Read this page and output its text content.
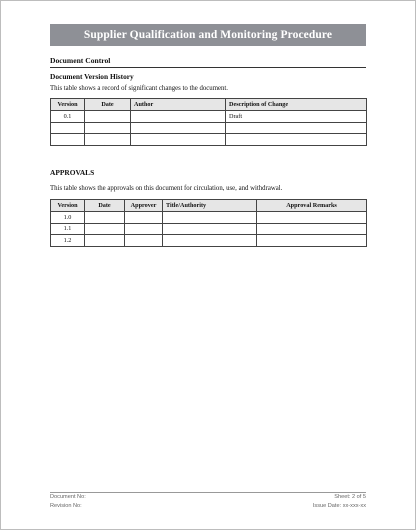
Supplier Qualification and Monitoring Procedure
Document Control
Document Version History
This table shows a record of significant changes to the document.
Version	Date	Author	Description of Change
0.1			Draft

APPROVALS
This table shows the approvals on this document for circulation, use, and withdrawal.
Version	Date	Approver	Title/Authority	Approval Remarks
1.0				
1.1				
1.2				
Document No:
Revision No:
Sheet: 2 of 5
Issue Date: xx-xxx-xx
